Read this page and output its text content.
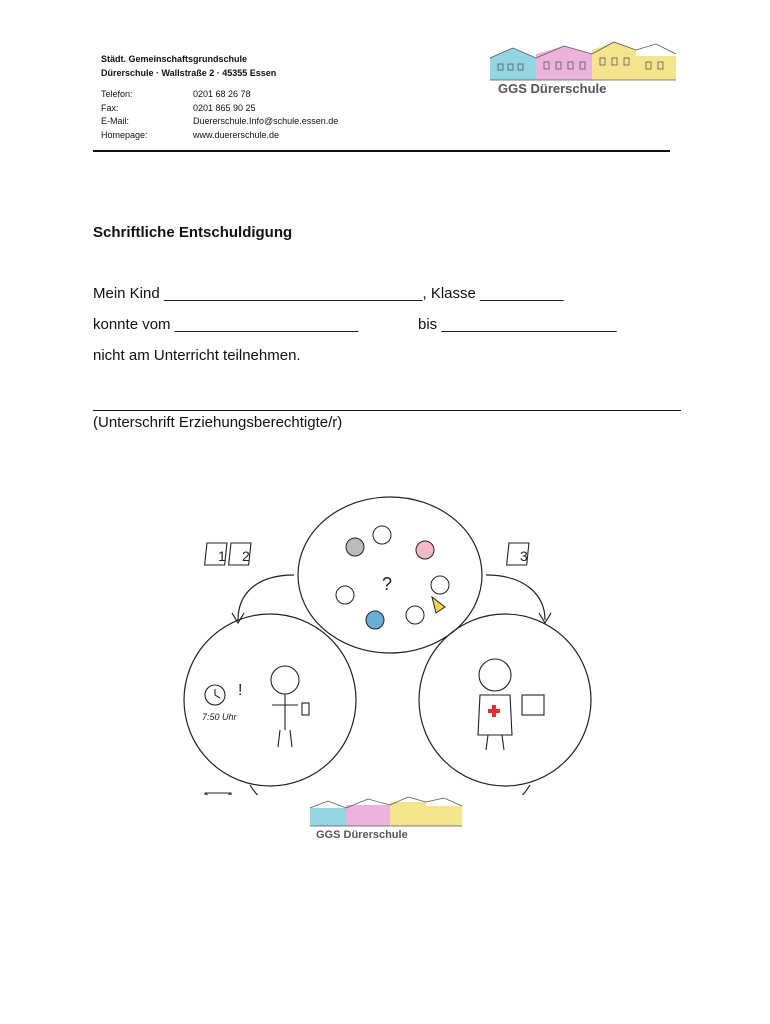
Städt. Gemeinschaftsgrundschule
Dürerschule · Wallstraße 2 · 45355 Essen
Telefon:	0201 68 26 78
Fax:	0201 865 90 25
E-Mail:	Duererschule.Info@schule.essen.de
Homepage:	www.duererschule.de
GGS Dürerschule
Schriftliche Entschuldigung
Mein Kind _______________________________, Klasse __________
konnte vom ______________________	bis _____________________
nicht am Unterricht teilnehmen.
(Unterschrift Erziehungsberechtigte/r)
1 2	3
?
!
7:50 Uhr
GGS Dürerschule
